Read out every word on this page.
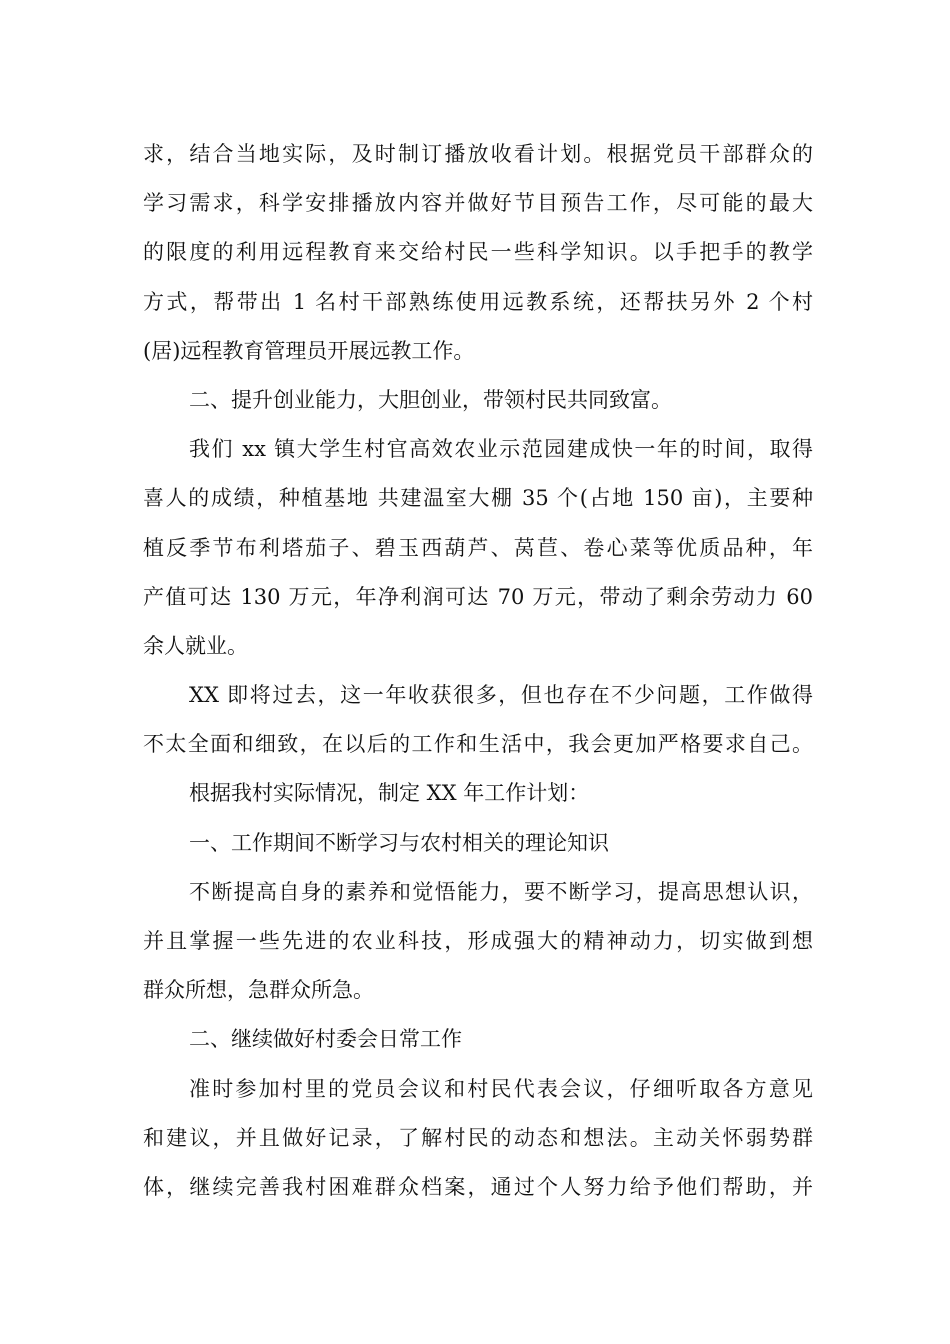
求，结合当地实际，及时制订播放收看计划。根据党员干部群众的
学习需求，科学安排播放内容并做好节目预告工作，尽可能的最大
的限度的利用远程教育来交给村民一些科学知识。以手把手的教学
方式，帮带出 1 名村干部熟练使用远教系统，还帮扶另外 2 个村
(居)远程教育管理员开展远教工作。
二、提升创业能力，大胆创业，带领村民共同致富。
我们 xx 镇大学生村官高效农业示范园建成快一年的时间，取得
喜人的成绩，种植基地 共建温室大棚 35 个(占地 150 亩)，主要种
植反季节布利塔茄子、碧玉西葫芦、莴苣、卷心菜等优质品种，年
产值可达 130 万元，年净利润可达 70 万元，带动了剩余劳动力 60
余人就业。
XX 即将过去，这一年收获很多，但也存在不少问题，工作做得
不太全面和细致，在以后的工作和生活中，我会更加严格要求自己。
根据我村实际情况，制定 XX 年工作计划：
一、工作期间不断学习与农村相关的理论知识
不断提高自身的素养和觉悟能力，要不断学习，提高思想认识，
并且掌握一些先进的农业科技，形成强大的精神动力，切实做到想
群众所想，急群众所急。
二、继续做好村委会日常工作
准时参加村里的党员会议和村民代表会议，仔细听取各方意见
和建议，并且做好记录，了解村民的动态和想法。主动关怀弱势群
体，继续完善我村困难群众档案，通过个人努力给予他们帮助，并
